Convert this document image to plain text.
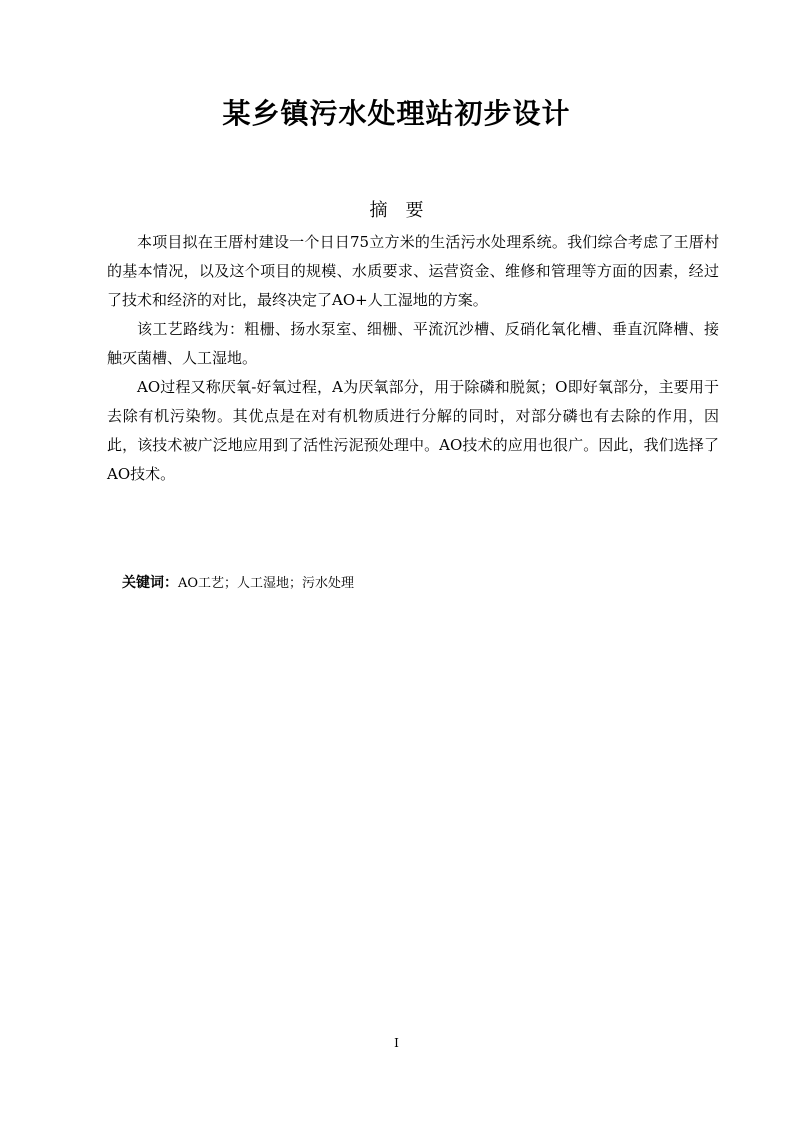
某乡镇污水处理站初步设计
摘 要

本项目拟在王厝村建设一个日日75立方米的生活污水处理系统。我们综合考虑了王厝村的基本情况，以及这个项目的规模、水质要求、运营资金、维修和管理等方面的因素，经过了技术和经济的对比，最终决定了AO+人工湿地的方案。

该工艺路线为：粗栅、扬水泵室、细栅、平流沉沙槽、反硝化氧化槽、垂直沉降槽、接触灭菌槽、人工湿地。

AO过程又称厌氧-好氧过程，A为厌氧部分，用于除磷和脱氮；O即好氧部分，主要用于去除有机污染物。其优点是在对有机物质进行分解的同时，对部分磷也有去除的作用，因此，该技术被广泛地应用到了活性污泥预处理中。AO技术的应用也很广。因此，我们选择了AO技术。

关键词：AO工艺；人工湿地；污水处理
I
